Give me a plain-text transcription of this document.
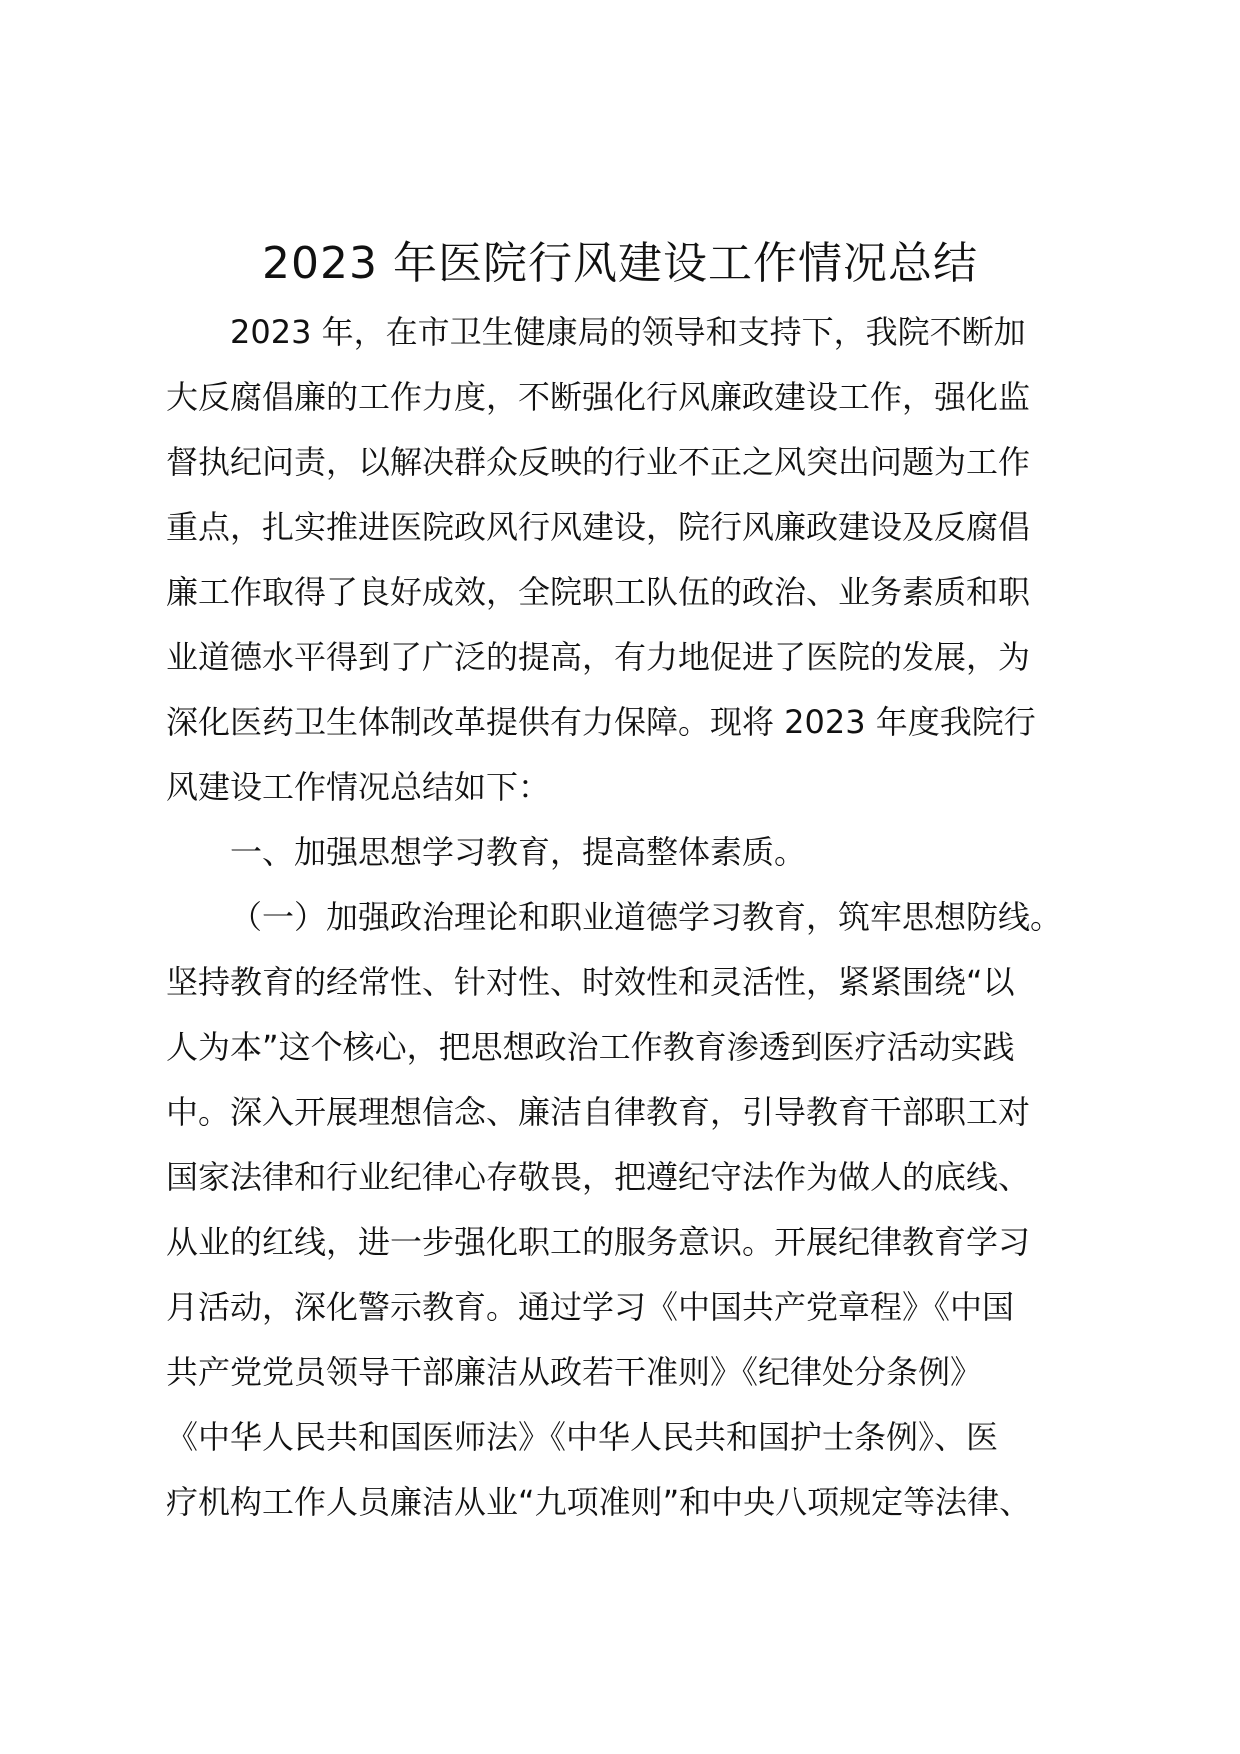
2023 年医院行风建设工作情况总结
2023 年，在市卫生健康局的领导和支持下，我院不断加
大反腐倡廉的工作力度，不断强化行风廉政建设工作，强化监
督执纪问责，以解决群众反映的行业不正之风突出问题为工作
重点，扎实推进医院政风行风建设，院行风廉政建设及反腐倡
廉工作取得了良好成效，全院职工队伍的政治、业务素质和职
业道德水平得到了广泛的提高，有力地促进了医院的发展，为
深化医药卫生体制改革提供有力保障。现将 2023 年度我院行
风建设工作情况总结如下：
一、加强思想学习教育，提高整体素质。
（一）加强政治理论和职业道德学习教育，筑牢思想防线。
坚持教育的经常性、针对性、时效性和灵活性，紧紧围绕“以
人为本”这个核心，把思想政治工作教育渗透到医疗活动实践
中。深入开展理想信念、廉洁自律教育，引导教育干部职工对
国家法律和行业纪律心存敬畏，把遵纪守法作为做人的底线、
从业的红线，进一步强化职工的服务意识。开展纪律教育学习
月活动，深化警示教育。通过学习《中国共产党章程》《中国
共产党党员领导干部廉洁从政若干准则》《纪律处分条例》
《中华人民共和国医师法》《中华人民共和国护士条例》、医
疗机构工作人员廉洁从业“九项准则”和中央八项规定等法律、
